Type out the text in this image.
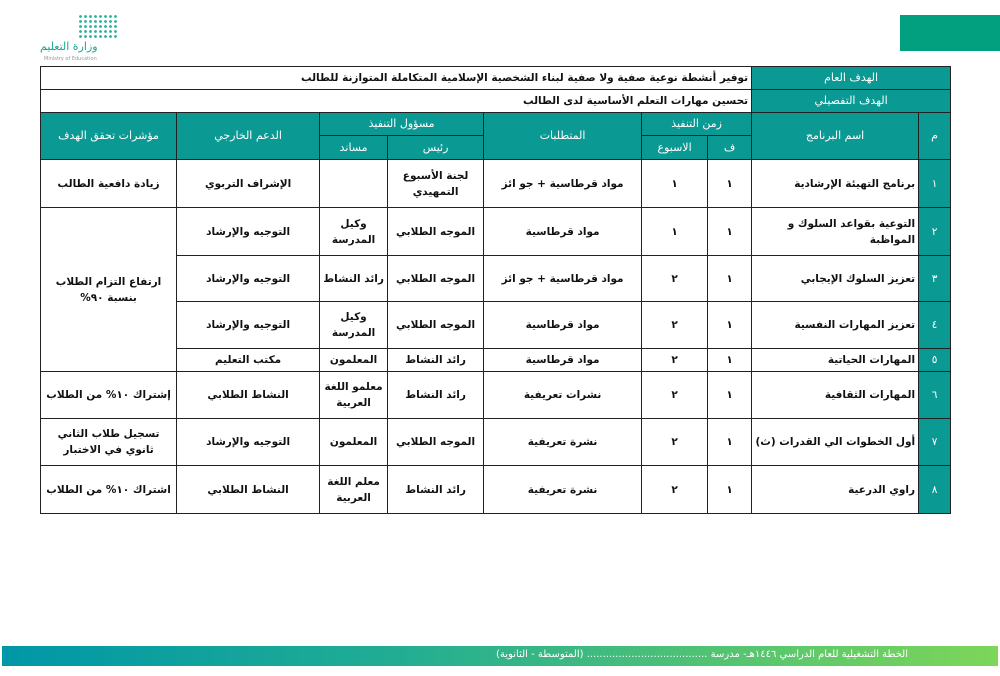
وزارة التعليم
Ministry of Education
الهدف العام		توفير أنشطة نوعية صفية ولا صفية لبناء الشخصية الإسلامية المتكاملة المتوازنة للطالب						
الهدف التفصيلي		تحسين مهارات التعلم الأساسية لدى الطالب						
م	اسم البرنامج	زمن التنفيذ		المتطلبات	مسؤول التنفيذ		الدعم الخارجي	مؤشرات تحقق الهدف
		ف	الاسبوع		رئيس	مساند		
١	برنامج التهيئة الإرشادية	١	١	مواد قرطاسية + جو ائز	لجنة الأسبوع التمهيدي		الإشراف التربوي	زيادة دافعية الطالب
٢	التوعية بقواعد السلوك و المواظبة	١	١	مواد قرطاسية	الموجه الطلابي	وكيل المدرسة	التوجيه والإرشاد	ارتفاع التزام الطلاب بنسبة ٩٠%
٣	تعزيز السلوك الإيجابي	١	٢	مواد قرطاسية + جو ائز	الموجه الطلابي	رائد النشاط	التوجيه والإرشاد	
٤	تعزيز المهارات النفسية	١	٢	مواد قرطاسية	الموجه الطلابي	وكيل المدرسة	التوجيه والإرشاد	
٥	المهارات الحياتية	١	٢	مواد قرطاسية	رائد النشاط	المعلمون	مكتب التعليم	
٦	المهارات الثقافية	١	٢	نشرات تعريفية	رائد النشاط	معلمو اللغة العربية	النشاط الطلابي	إشتراك ١٠% من الطلاب
٧	أول الخطوات الي القدرات (ث)	١	٢	نشرة تعريفية	الموجه الطلابي	المعلمون	التوجيه والإرشاد	تسجيل طلاب الثاني ثانوي في الاختبار
٨	راوي الدرعية	١	٢	نشرة تعريفية	رائد النشاط	معلم اللغة العربية	النشاط الطلابي	اشتراك ١٠% من الطلاب
الخطة التشغيلية للعام الدراسي ١٤٤٦هـ- مدرسة ...................................... (المتوسطة - الثانوية)
